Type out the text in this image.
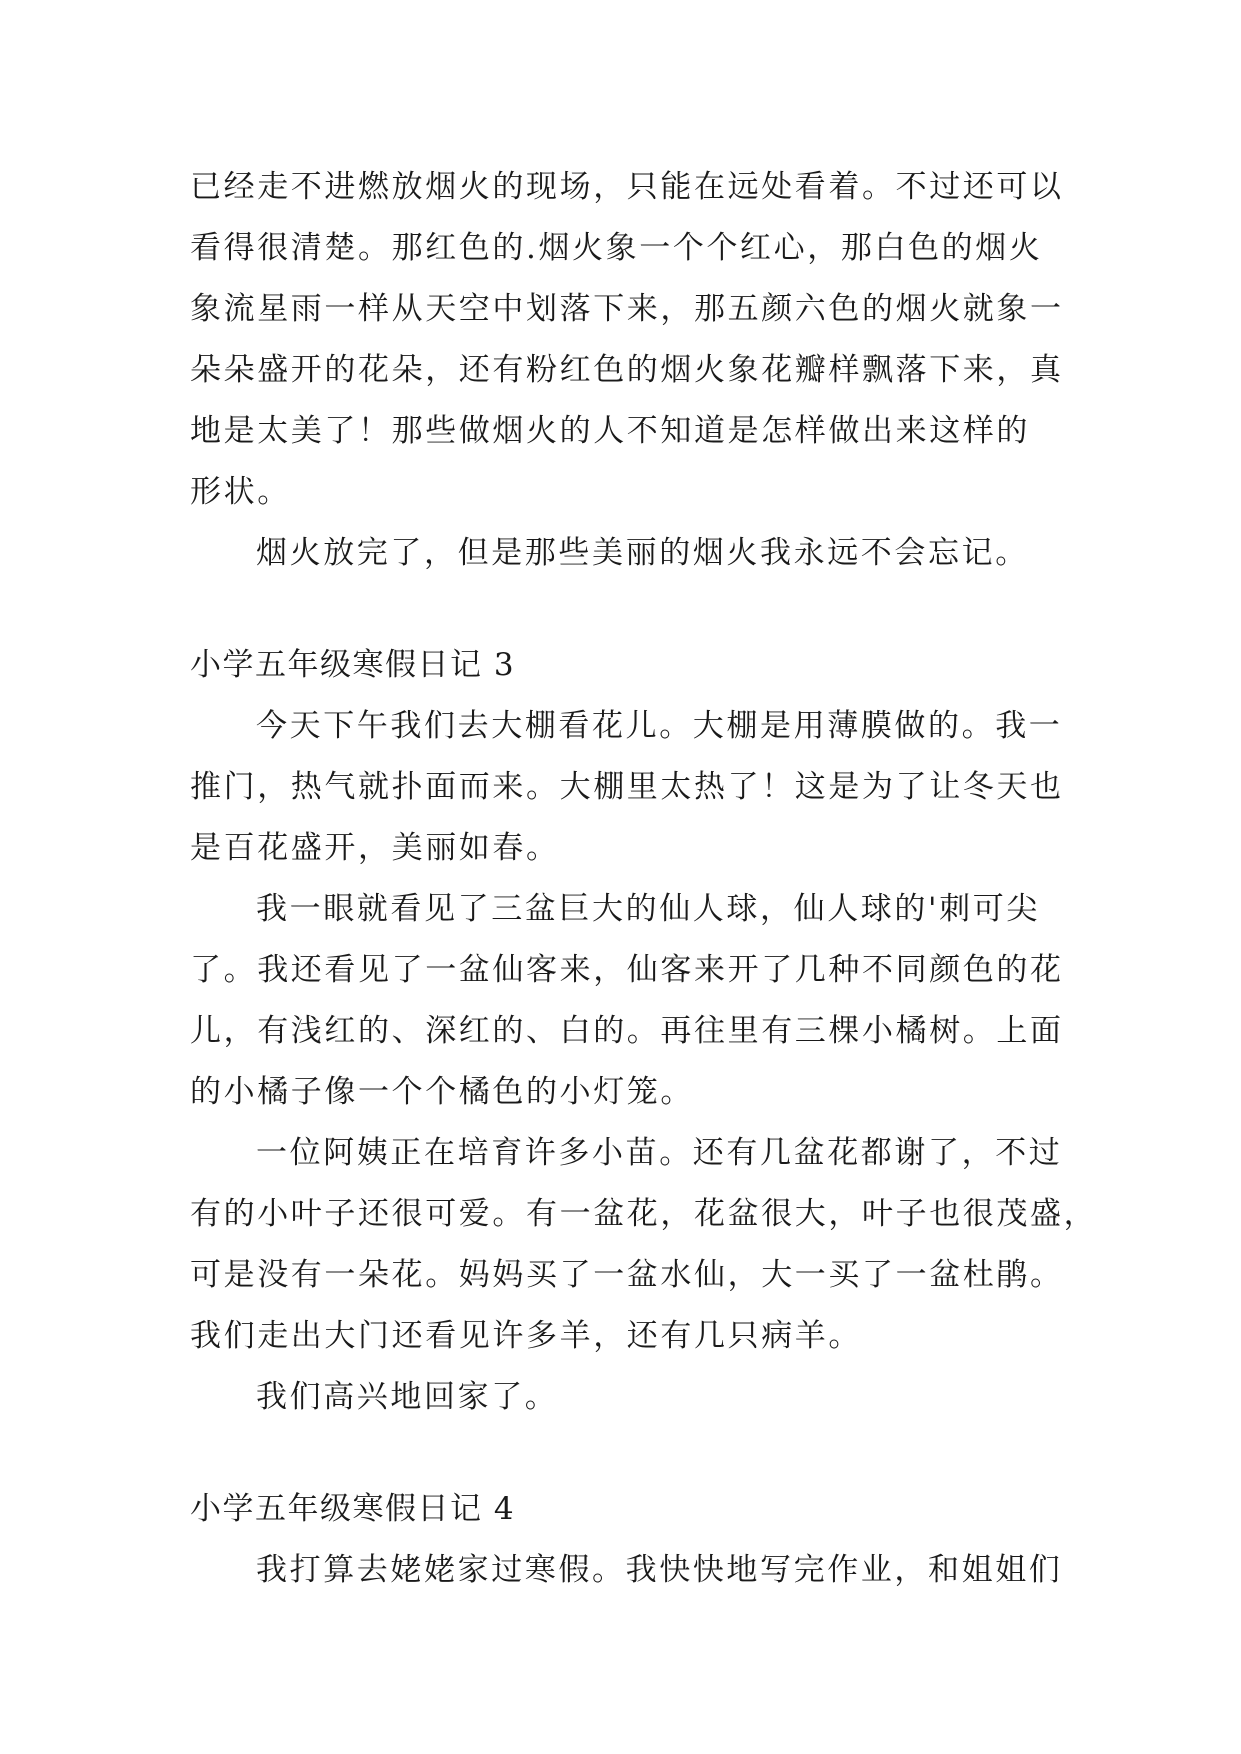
已经走不进燃放烟火的现场，只能在远处看着。不过还可以
看得很清楚。那红色的.烟火象一个个红心，那白色的烟火
象流星雨一样从天空中划落下来，那五颜六色的烟火就象一
朵朵盛开的花朵，还有粉红色的烟火象花瓣样飘落下来，真
地是太美了！那些做烟火的人不知道是怎样做出来这样的
形状。
烟火放完了，但是那些美丽的烟火我永远不会忘记。
小学五年级寒假日记 3
今天下午我们去大棚看花儿。大棚是用薄膜做的。我一
推门，热气就扑面而来。大棚里太热了！这是为了让冬天也
是百花盛开，美丽如春。
我一眼就看见了三盆巨大的仙人球，仙人球的'刺可尖
了。我还看见了一盆仙客来，仙客来开了几种不同颜色的花
儿，有浅红的、深红的、白的。再往里有三棵小橘树。上面
的小橘子像一个个橘色的小灯笼。
一位阿姨正在培育许多小苗。还有几盆花都谢了，不过
有的小叶子还很可爱。有一盆花，花盆很大，叶子也很茂盛，
可是没有一朵花。妈妈买了一盆水仙，大一买了一盆杜鹃。
我们走出大门还看见许多羊，还有几只病羊。
我们高兴地回家了。
小学五年级寒假日记 4
我打算去姥姥家过寒假。我快快地写完作业，和姐姐们
